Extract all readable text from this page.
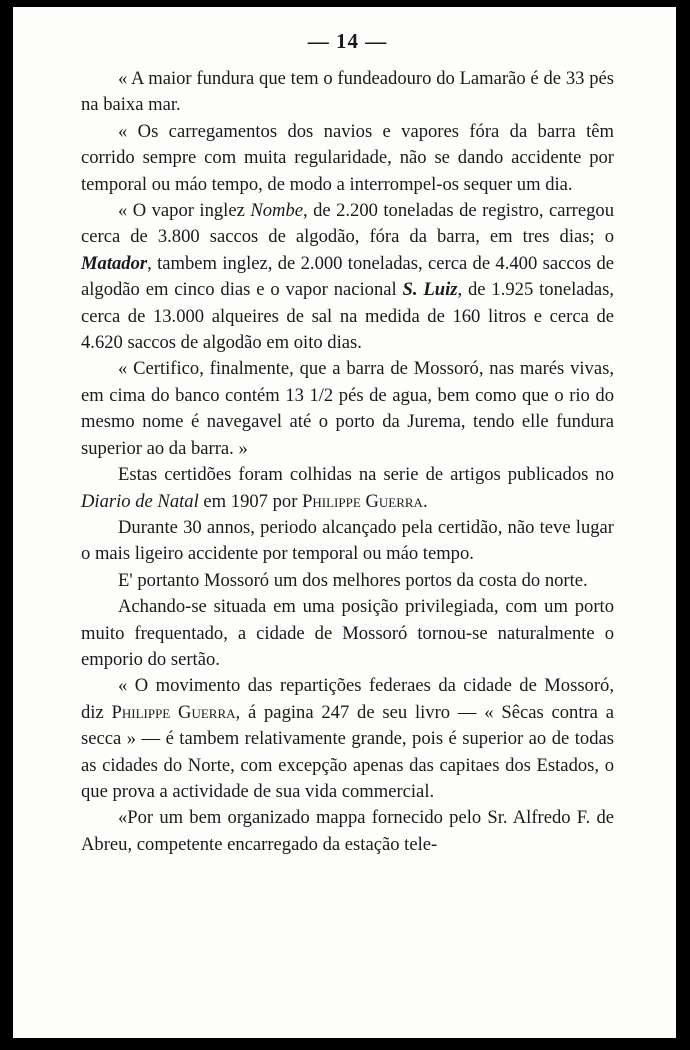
— 14 —

« A maior fundura que tem o fundeadouro do Lamarão é de 33 pés na baixa mar.

« Os carregamentos dos navios e vapores fóra da barra têm corrido sempre com muita regularidade, não se dando accidente por temporal ou máo tempo, de modo a interrompel-os sequer um dia.

« O vapor inglez Nombe, de 2.200 toneladas de registro, carregou cerca de 3.800 saccos de algodão, fóra da barra, em tres dias; o Matador, tambem inglez, de 2.000 toneladas, cerca de 4.400 saccos de algodão em cinco dias e o vapor nacional S. Luiz, de 1.925 toneladas, cerca de 13.000 alqueires de sal na medida de 160 litros e cerca de 4.620 saccos de algodão em oito dias.

« Certifico, finalmente, que a barra de Mossoró, nas marés vivas, em cima do banco contém 13 1/2 pés de agua, bem como que o rio do mesmo nome é navegavel até o porto da Jurema, tendo elle fundura superior ao da barra. »

Estas certidões foram colhidas na serie de artigos publicados no Diario de Natal em 1907 por Philippe Guerra.

Durante 30 annos, periodo alcançado pela certidão, não teve lugar o mais ligeiro accidente por temporal ou máo tempo.

E' portanto Mossoró um dos melhores portos da costa do norte.

Achando-se situada em uma posição privilegiada, com um porto muito frequentado, a cidade de Mossoró tornou-se naturalmente o emporio do sertão.

« O movimento das repartições federaes da cidade de Mossoró, diz Philippe Guerra, á pagina 247 de seu livro — « Sêcas contra a secca » — é tambem relativamente grande, pois é superior ao de todas as cidades do Norte, com excepção apenas das capitaes dos Estados, o que prova a actividade de sua vida commercial.

«Por um bem organizado mappa fornecido pelo Sr. Alfredo F. de Abreu, competente encarregado da estação tele-
